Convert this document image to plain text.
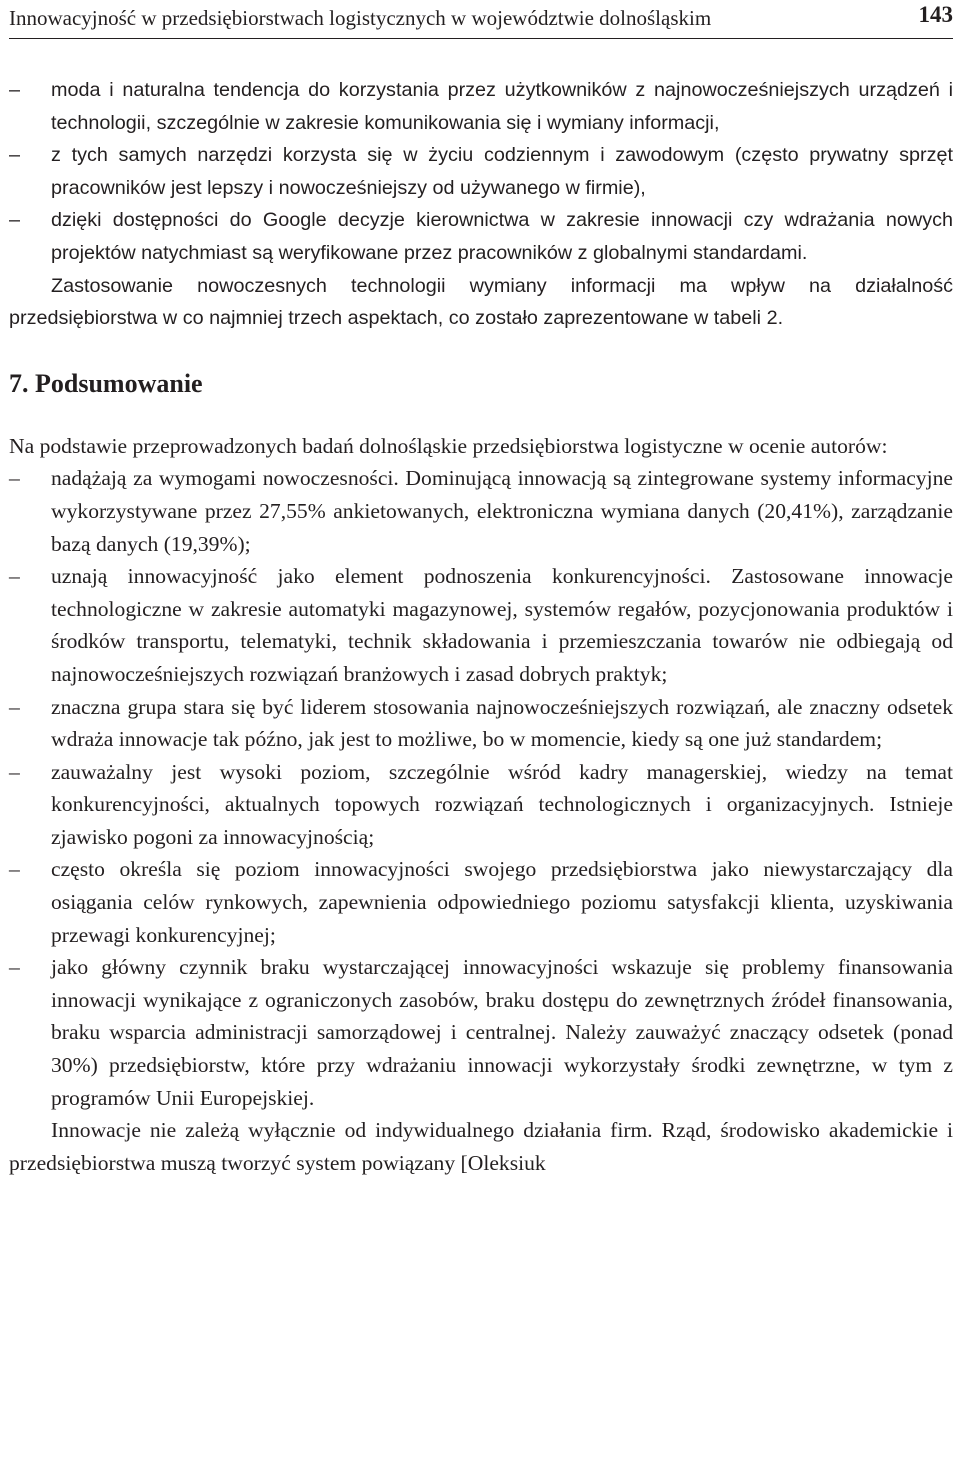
Innowacyjność w przedsiębiorstwach logistycznych w województwie dolnośląskim	143
– moda i naturalna tendencja do korzystania przez użytkowników z najnowocześniejszych urządzeń i technologii, szczególnie w zakresie komunikowania się i wymiany informacji,
– z tych samych narzędzi korzysta się w życiu codziennym i zawodowym (często prywatny sprzęt pracowników jest lepszy i nowocześniejszy od używanego w firmie),
– dzięki dostępności do Google decyzje kierownictwa w zakresie innowacji czy wdrażania nowych projektów natychmiast są weryfikowane przez pracowników z globalnymi standardami.

Zastosowanie nowoczesnych technologii wymiany informacji ma wpływ na działalność przedsiębiorstwa w co najmniej trzech aspektach, co zostało zaprezentowane w tabeli 2.

7. Podsumowanie

Na podstawie przeprowadzonych badań dolnośląskie przedsiębiorstwa logistyczne w ocenie autorów:

– nadążają za wymogami nowoczesności. Dominującą innowacją są zintegrowane systemy informacyjne wykorzystywane przez 27,55% ankietowanych, elektroniczna wymiana danych (20,41%), zarządzanie bazą danych (19,39%);
– uznają innowacyjność jako element podnoszenia konkurencyjności. Zastosowane innowacje technologiczne w zakresie automatyki magazynowej, systemów regałów, pozycjonowania produktów i środków transportu, telematyki, technik składowania i przemieszczania towarów nie odbiegają od najnowocześniejszych rozwiązań branżowych i zasad dobrych praktyk;
– znaczna grupa stara się być liderem stosowania najnowocześniejszych rozwiązań, ale znaczny odsetek wdraża innowacje tak późno, jak jest to możliwe, bo w momencie, kiedy są one już standardem;
– zauważalny jest wysoki poziom, szczególnie wśród kadry managerskiej, wiedzy na temat konkurencyjności, aktualnych topowych rozwiązań technologicznych i organizacyjnych. Istnieje zjawisko pogoni za innowacyjnością;
– często określa się poziom innowacyjności swojego przedsiębiorstwa jako niewystarczający dla osiągania celów rynkowych, zapewnienia odpowiedniego poziomu satysfakcji klienta, uzyskiwania przewagi konkurencyjnej;
– jako główny czynnik braku wystarczającej innowacyjności wskazuje się problemy finansowania innowacji wynikające z ograniczonych zasobów, braku dostępu do zewnętrznych źródeł finansowania, braku wsparcia administracji samorządowej i centralnej. Należy zauważyć znaczący odsetek (ponad 30%) przedsiębiorstw, które przy wdrażaniu innowacji wykorzystały środki zewnętrzne, w tym z programów Unii Europejskiej.

Innowacje nie zależą wyłącznie od indywidualnego działania firm. Rząd, środowisko akademickie i przedsiębiorstwa muszą tworzyć system powiązany [Oleksiuk
